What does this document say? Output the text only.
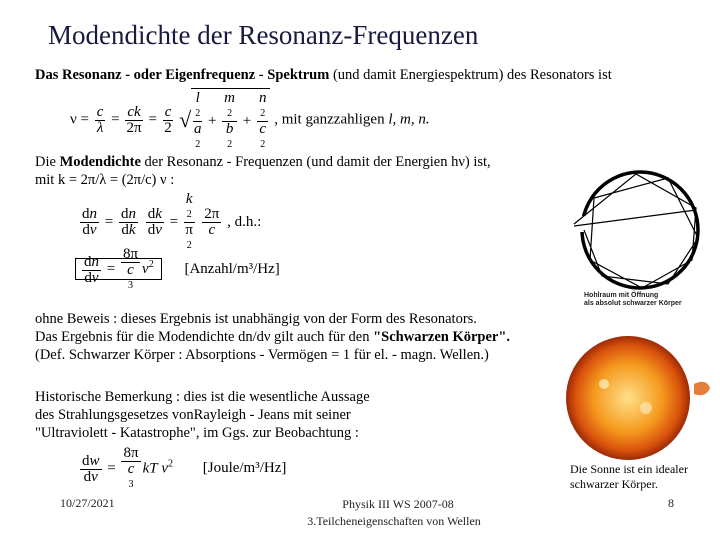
Modendichte der Resonanz-Frequenzen
Das Resonanz - oder Eigenfrequenz - Spektrum (und damit Energiespektrum) des Resonators ist
$\nu = \frac{c}{\lambda} = \frac{ck}{2\pi} = \frac{c}{2}$ √ l
2
a
2 + m
2
b
2 + n
2
c
2 , mit ganzzahligen l, m, n.
Die Modendichte der Resonanz - Frequenzen (und damit der Energien hν) ist,
mit k = 2π/λ = (2π/c) ν :
$\frac{dn}{d\nu} = \frac{dn}{dk}$
$\frac{dk}{d\nu} = k$
2
π
2
$\frac{2\pi}{c}$ , d.h.:
$\frac{dn}{d\nu} = 8\pi$
c
3 $\nu^2$ [Anzahl/m³/Hz]
ohne Beweis : dieses Ergebnis ist unabhängig von der Form des Resonators.
Das Ergebnis für die Modendichte dn/dν gilt auch für den "Schwarzen Körper".
(Def. Schwarzer Körper : Absorptions - Vermögen = 1 für el. - magn. Wellen.)
Historische Bemerkung : dies ist die wesentliche Aussage
des Strahlungsgesetzes vonRayleigh - Jeans mit seiner
"Ultraviolett - Katastrophe", im Ggs. zur Beobachtung :
$\frac{dw}{d\nu} = 8\pi$
c
3 kT $\nu^2$ [Joule/m³/Hz]
Hohlraum mit Öffnung
als absolut schwarzer Körper
Die Sonne ist ein idealer
schwarzer Körper.
10/27/2021	Physik III WS 2007-08
3.Teilcheneigenschaften von Wellen
8
